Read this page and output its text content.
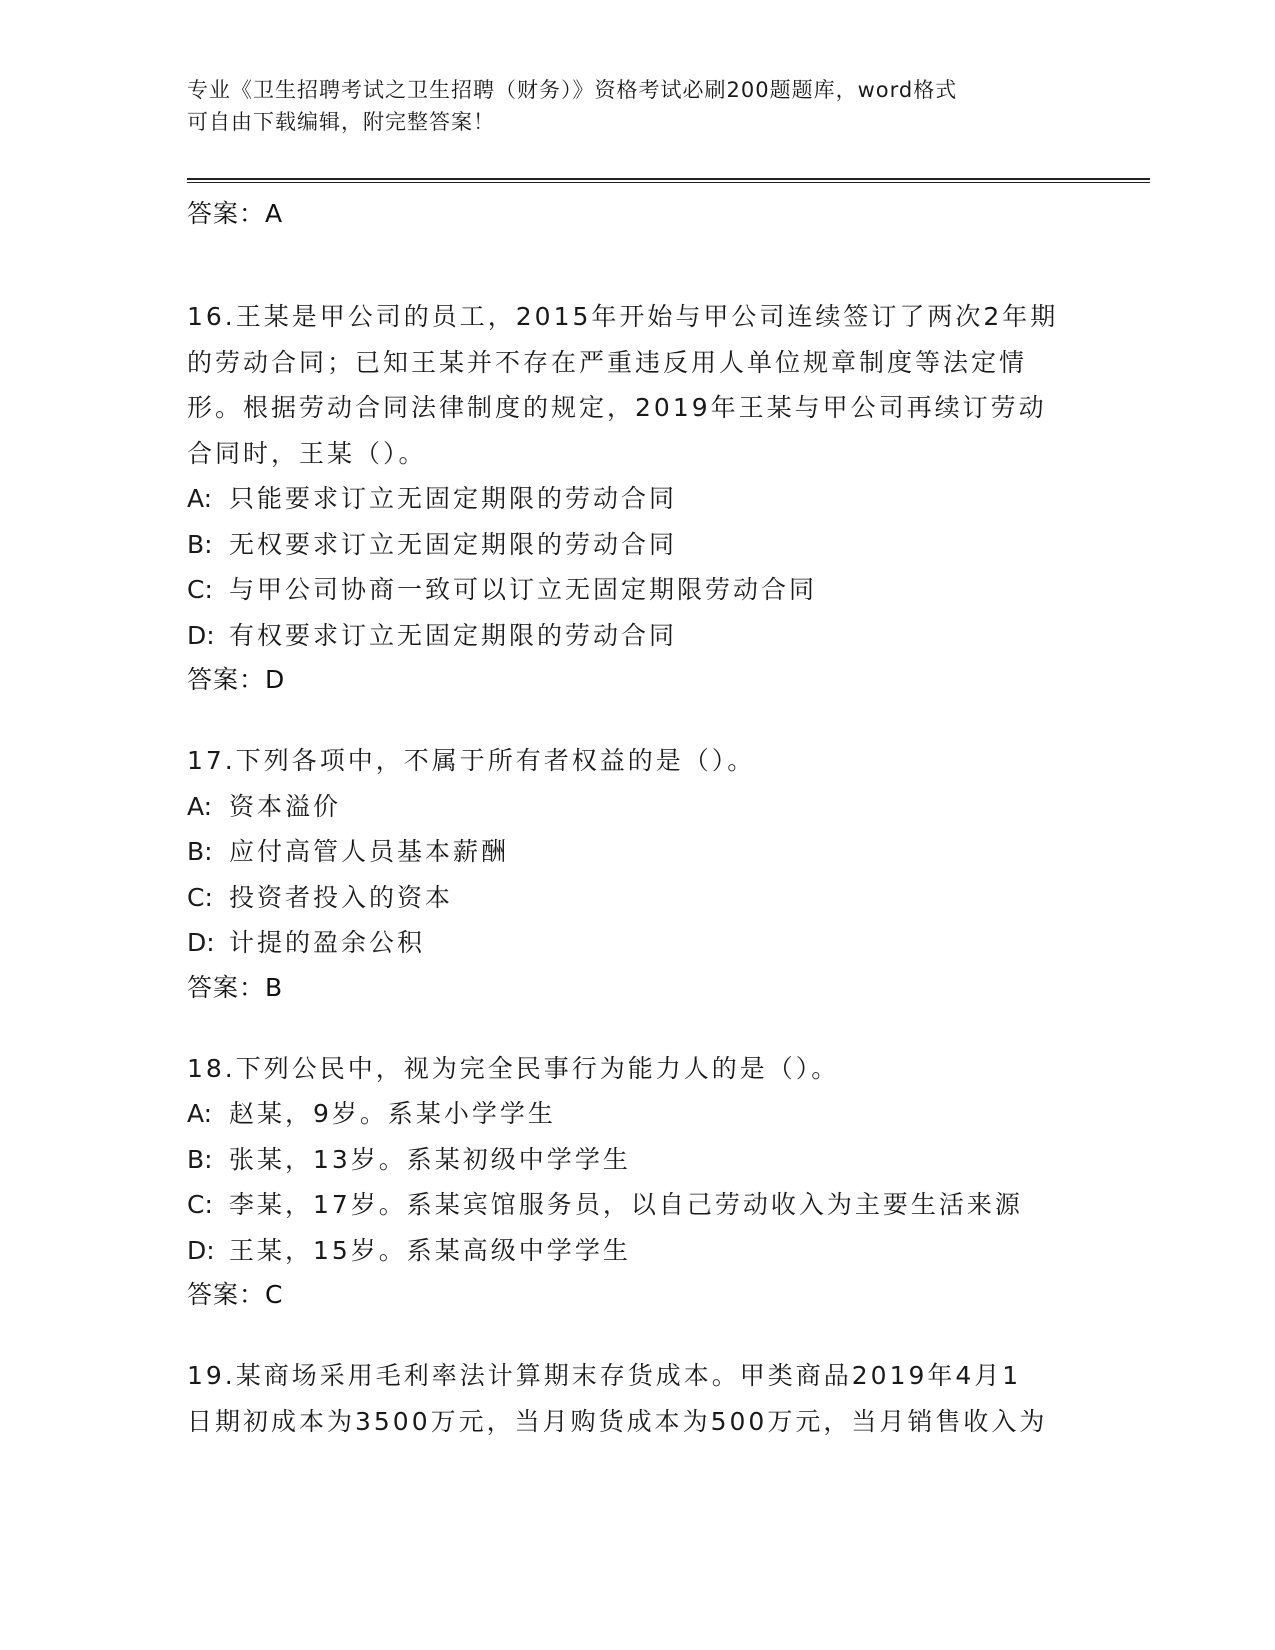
专业《卫生招聘考试之卫生招聘（财务）》资格考试必刷200题题库，word格式
可自由下载编辑，附完整答案！
答案：A
16.王某是甲公司的员工，2015年开始与甲公司连续签订了两次2年期
的劳动合同；已知王某并不存在严重违反用人单位规章制度等法定情
形。根据劳动合同法律制度的规定，2019年王某与甲公司再续订劳动
合同时，王某（）。
A: 只能要求订立无固定期限的劳动合同
B: 无权要求订立无固定期限的劳动合同
C: 与甲公司协商一致可以订立无固定期限劳动合同
D: 有权要求订立无固定期限的劳动合同
答案：D
17.下列各项中，不属于所有者权益的是（）。
A: 资本溢价
B: 应付高管人员基本薪酬
C: 投资者投入的资本
D: 计提的盈余公积
答案：B
18.下列公民中，视为完全民事行为能力人的是（）。
A: 赵某，9岁。系某小学学生
B: 张某，13岁。系某初级中学学生
C: 李某，17岁。系某宾馆服务员，以自己劳动收入为主要生活来源
D: 王某，15岁。系某高级中学学生
答案：C
19.某商场采用毛利率法计算期末存货成本。甲类商品2019年4月1
日期初成本为3500万元，当月购货成本为500万元，当月销售收入为
